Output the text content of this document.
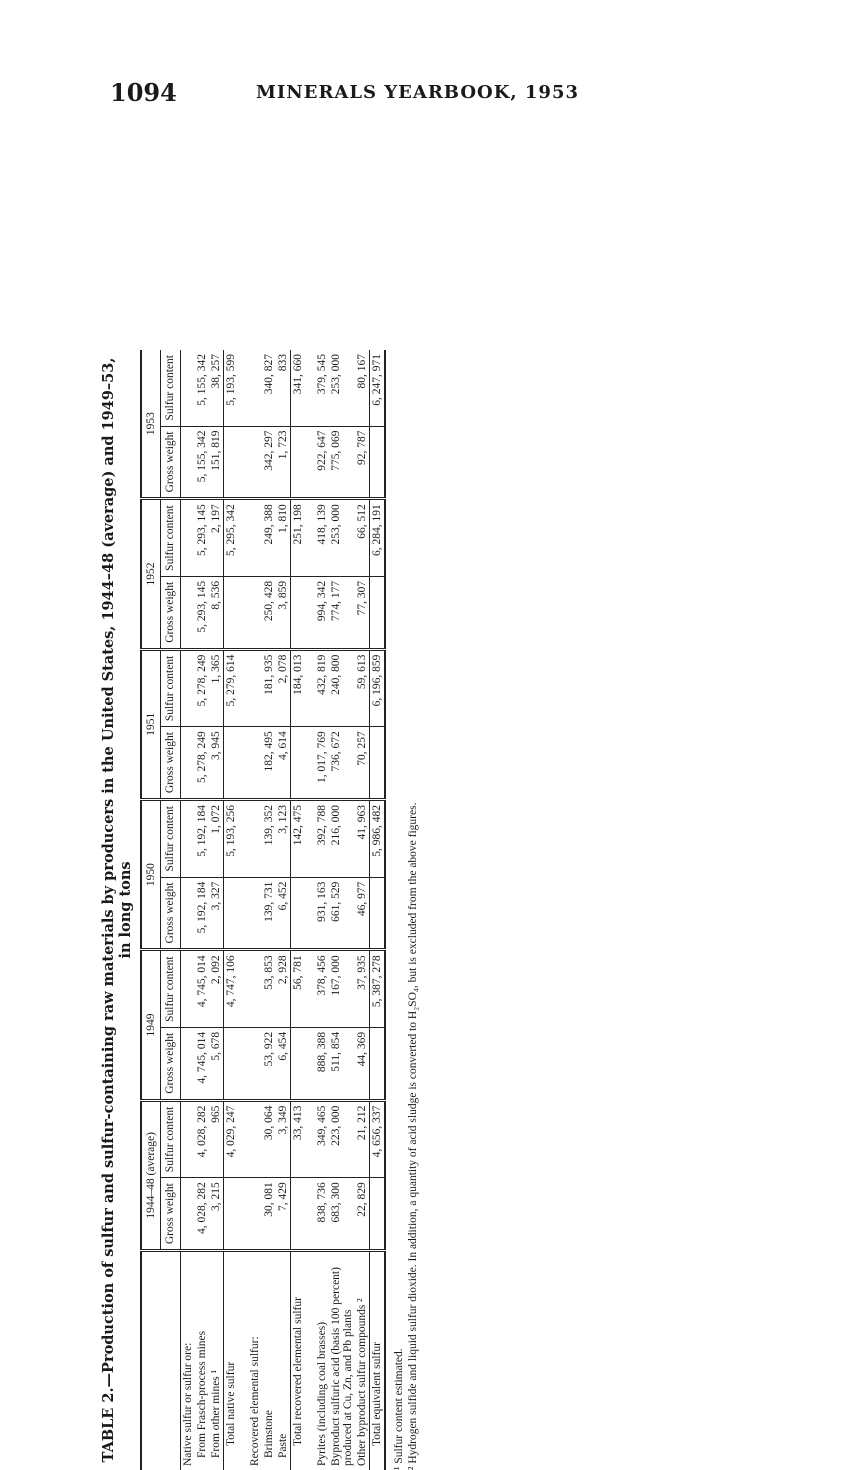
1094	MINERALS YEARBOOK, 1953
TABLE 2.—Production of sulfur and sulfur-containing raw materials by producers in the United States, 1944–48 (average) and 1949–53,
in long tons
	1944–48 (average)		1949		1950		1951		1952		1953	
	Gross weight	Sulfur content	Gross weight	Sulfur content	Gross weight	Sulfur content	Gross weight	Sulfur content	Gross weight	Sulfur content	Gross weight	Sulfur content
Native sulfur or sulfur ore:												
From Frasch-process mines	4, 028, 282	4, 028, 282	4, 745, 014	4, 745, 014	5, 192, 184	5, 192, 184	5, 278, 249	5, 278, 249	5, 293, 145	5, 293, 145	5, 155, 342	5, 155, 342
From other mines ¹	3, 215	965	5, 678	2, 092	3, 327	1, 072	3, 945	1, 365	8, 536	2, 197	151, 819	38, 257
Total native sulfur		4, 029, 247		4, 747, 106		5, 193, 256		5, 279, 614		5, 295, 342		5, 193, 599

Recovered elemental sulfur:												
Brimstone	30, 081	30, 064	53, 922	53, 853	139, 731	139, 352	182, 495	181, 935	250, 428	249, 388	342, 297	340, 827
Paste	7, 429	3, 349	6, 454	2, 928	6, 452	3, 123	4, 614	2, 078	3, 859	1, 810	1, 723	833
Total recovered elemental sulfur		33, 413		56, 781		142, 475		184, 013		251, 198		341, 660

Pyrites (including coal brasses)	838, 736	349, 465	888, 388	378, 456	931, 163	392, 788	1, 017, 769	432, 819	994, 342	418, 139	922, 647	379, 545
Byproduct sulfuric acid (basis 100 percent) produced at Cu, Zn, and Pb plants	683, 300	223, 000	511, 854	167, 000	661, 529	216, 000	736, 672	240, 800	774, 177	253, 000	775, 069	253, 000
Other byproduct sulfur compounds ²	22, 829	21, 212	44, 369	37, 935	46, 977	41, 963	70, 257	59, 613	77, 307	66, 512	92, 787	80, 167
Total equivalent sulfur		4, 656, 337		5, 387, 278		5, 986, 482		6, 196, 859		6, 284, 191		6, 247, 971
¹ Sulfur content estimated. ² Hydrogen sulfide and liquid sulfur dioxide. In addition, a quantity of acid sludge is converted to H₂SO₄, but is excluded from the above figures.
